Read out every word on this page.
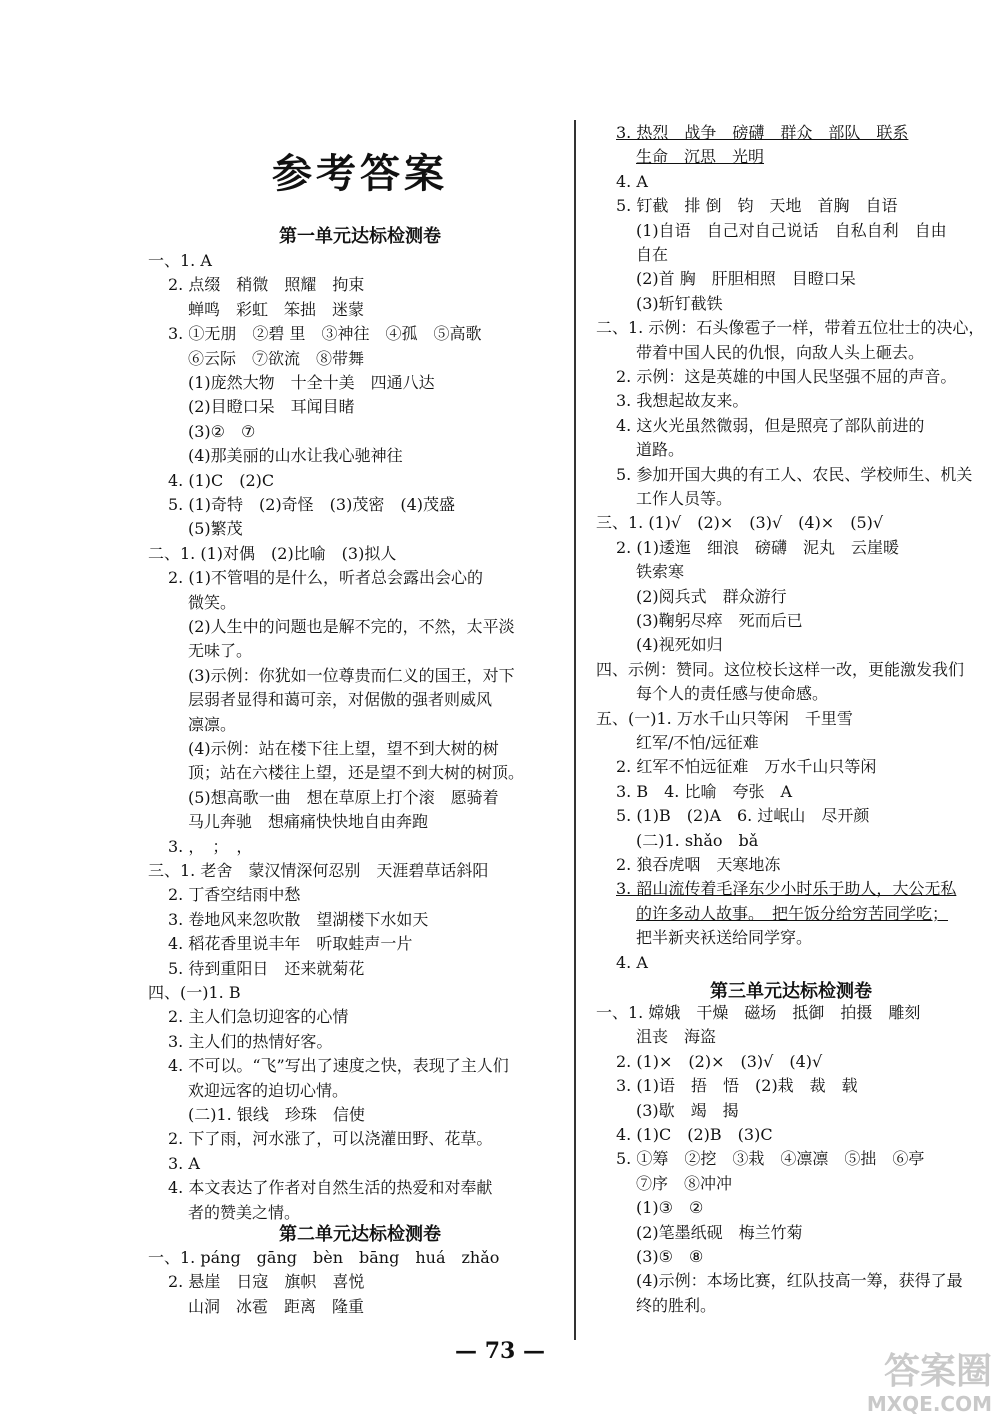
参考答案
— 73 —	答案圈
MXQE.COM
第一单元达标检测卷
一、1. A
2. 点缀　稍微　照耀　拘束
蝉鸣　彩虹　笨拙　迷蒙
3. ①无朋　②碧 里　③神往　④孤　⑤高歌
⑥云际　⑦欲流　⑧带舞
(1)庞然大物　十全十美　四通八达
(2)目瞪口呆　耳闻目睹
(3)②　⑦
(4)那美丽的山水让我心驰神往
4. (1)C　(2)C
5. (1)奇特　(2)奇怪　(3)茂密　(4)茂盛
(5)繁茂
二、1. (1)对偶　(2)比喻　(3)拟人
2. (1)不管唱的是什么，听者总会露出会心的
微笑。
(2)人生中的问题也是解不完的，不然，太平淡
无味了。
(3)示例：你犹如一位尊贵而仁义的国王，对下
层弱者显得和蔼可亲，对倨傲的强者则威风
凛凛。
(4)示例：站在楼下往上望，望不到大树的树
顶；站在六楼往上望，还是望不到大树的树顶。
(5)想高歌一曲　想在草原上打个滚　愿骑着
马儿奔驰　想痛痛快快地自由奔跑
3. ，　；　，
三、1. 老舍　蒙汉情深何忍别　天涯碧草话斜阳
2. 丁香空结雨中愁
3. 卷地风来忽吹散　望湖楼下水如天
4. 稻花香里说丰年　听取蛙声一片
5. 待到重阳日　还来就菊花
四、(一)1. B
2. 主人们急切迎客的心情
3. 主人们的热情好客。
4. 不可以。“飞”写出了速度之快，表现了主人们
欢迎远客的迫切心情。
(二)1. 银线　珍珠　信使
2. 下了雨，河水涨了，可以浇灌田野、花草。
3. A
4. 本文表达了作者对自然生活的热爱和对奉献
者的赞美之情。
第二单元达标检测卷
一、1. páng　gāng　bèn　bāng　huá　zhǎo
2. 悬崖　日寇　旗帜　喜悦
山洞　冰雹　距离　隆重
3. 热烈　战争　磅礴　群众　部队　联系
生命　沉思　光明
4. A
5. 钉截　排 倒　钧　天地　首胸　自语
(1)自语　自己对自己说话　自私自利　自由
自在
(2)首 胸　肝胆相照　目瞪口呆
(3)斩钉截铁
二、1. 示例：石头像雹子一样，带着五位壮士的决心，
带着中国人民的仇恨，向敌人头上砸去。
2. 示例：这是英雄的中国人民坚强不屈的声音。
3. 我想起故友来。
4. 这火光虽然微弱，但是照亮了部队前进的
道路。
5. 参加开国大典的有工人、农民、学校师生、机关
工作人员等。
三、1. (1)√　(2)×　(3)√　(4)×　(5)√
2. (1)逶迤　细浪　磅礴　泥丸　云崖暖
铁索寒
(2)阅兵式　群众游行
(3)鞠躬尽瘁　死而后已
(4)视死如归
四、示例：赞同。这位校长这样一改，更能激发我们
每个人的责任感与使命感。
五、(一)1. 万水千山只等闲　千里雪
红军/不怕/远征难
2. 红军不怕远征难　万水千山只等闲
3. B　4. 比喻　夸张　A
5. (1)B　(2)A　6. 过岷山　尽开颜
(二)1. shǎo　bǎ
2. 狼吞虎咽　天寒地冻
3. 韶山流传着毛泽东少小时乐于助人，大公无私
的许多动人故事。　把午饭分给穷苦同学吃；
把半新夹袄送给同学穿。
4. A
第三单元达标检测卷
一、1. 嫦娥　干燥　磁场　抵御　拍摄　雕刻
沮丧　海盗
2. (1)×　(2)×　(3)√　(4)√
3. (1)语　捂　悟　(2)栽　裁　载
(3)歇　竭　揭
4. (1)C　(2)B　(3)C
5. ①筹　②挖　③栽　④凛凛　⑤拙　⑥亭
⑦序　⑧冲冲
(1)③　②
(2)笔墨纸砚　梅兰竹菊
(3)⑤　⑧
(4)示例：本场比赛，红队技高一筹，获得了最
终的胜利。
